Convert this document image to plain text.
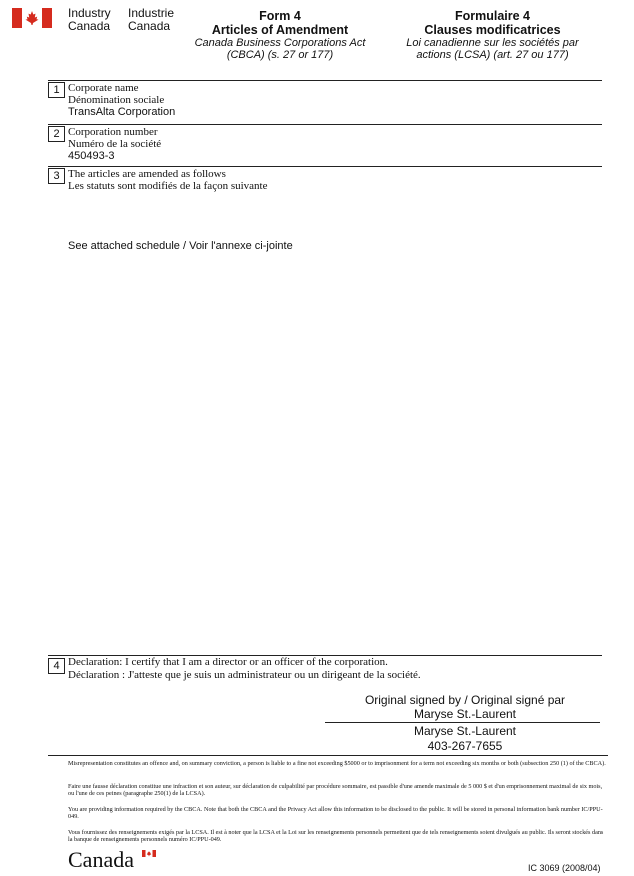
Industry
Canada
Industrie
Canada
Form 4
Articles of Amendment
Canada Business Corporations Act
(CBCA) (s. 27 or 177)
Formulaire 4
Clauses modificatrices
Loi canadienne sur les sociétés par
actions (LCSA) (art. 27 ou 177)
1 Corporate name
Dénomination sociale
TransAlta Corporation
2 Corporation number
Numéro de la société
450493-3
3 The articles are amended as follows
Les statuts sont modifiés de la façon suivante
See attached schedule / Voir l'annexe ci-jointe
4 Declaration: I certify that I am a director or an officer of the corporation.
Déclaration : J'atteste que je suis un administrateur ou un dirigeant de la société.
Original signed by / Original signé par
Maryse St.-Laurent
Maryse St.-Laurent
403-267-7655
Misrepresentation constitutes an offence and, on summary conviction, a person is liable to a fine not exceeding $5000 or to imprisonment for a term not exceeding six months or both (subsection 250 (1) of the CBCA).
Faire une fausse déclaration constitue une infraction et son auteur, sur déclaration de culpabilité par procédure sommaire, est passible d'une amende maximale de 5 000 $ et d'un emprisonnement maximal de six mois, ou l'une de ces peines (paragraphe 250(1) de la LCSA).
You are providing information required by the CBCA. Note that both the CBCA and the Privacy Act allow this information to be disclosed to the public. It will be stored in personal information bank number IC/PPU-049.
Vous fournissez des renseignements exigés par la LCSA. Il est à noter que la LCSA et la Loi sur les renseignements personnels permettent que de tels renseignements soient divulgués au public. Ils seront stockés dans la banque de renseignements personnels numéro IC/PPU-049.
Canada	IC 3069 (2008/04)
